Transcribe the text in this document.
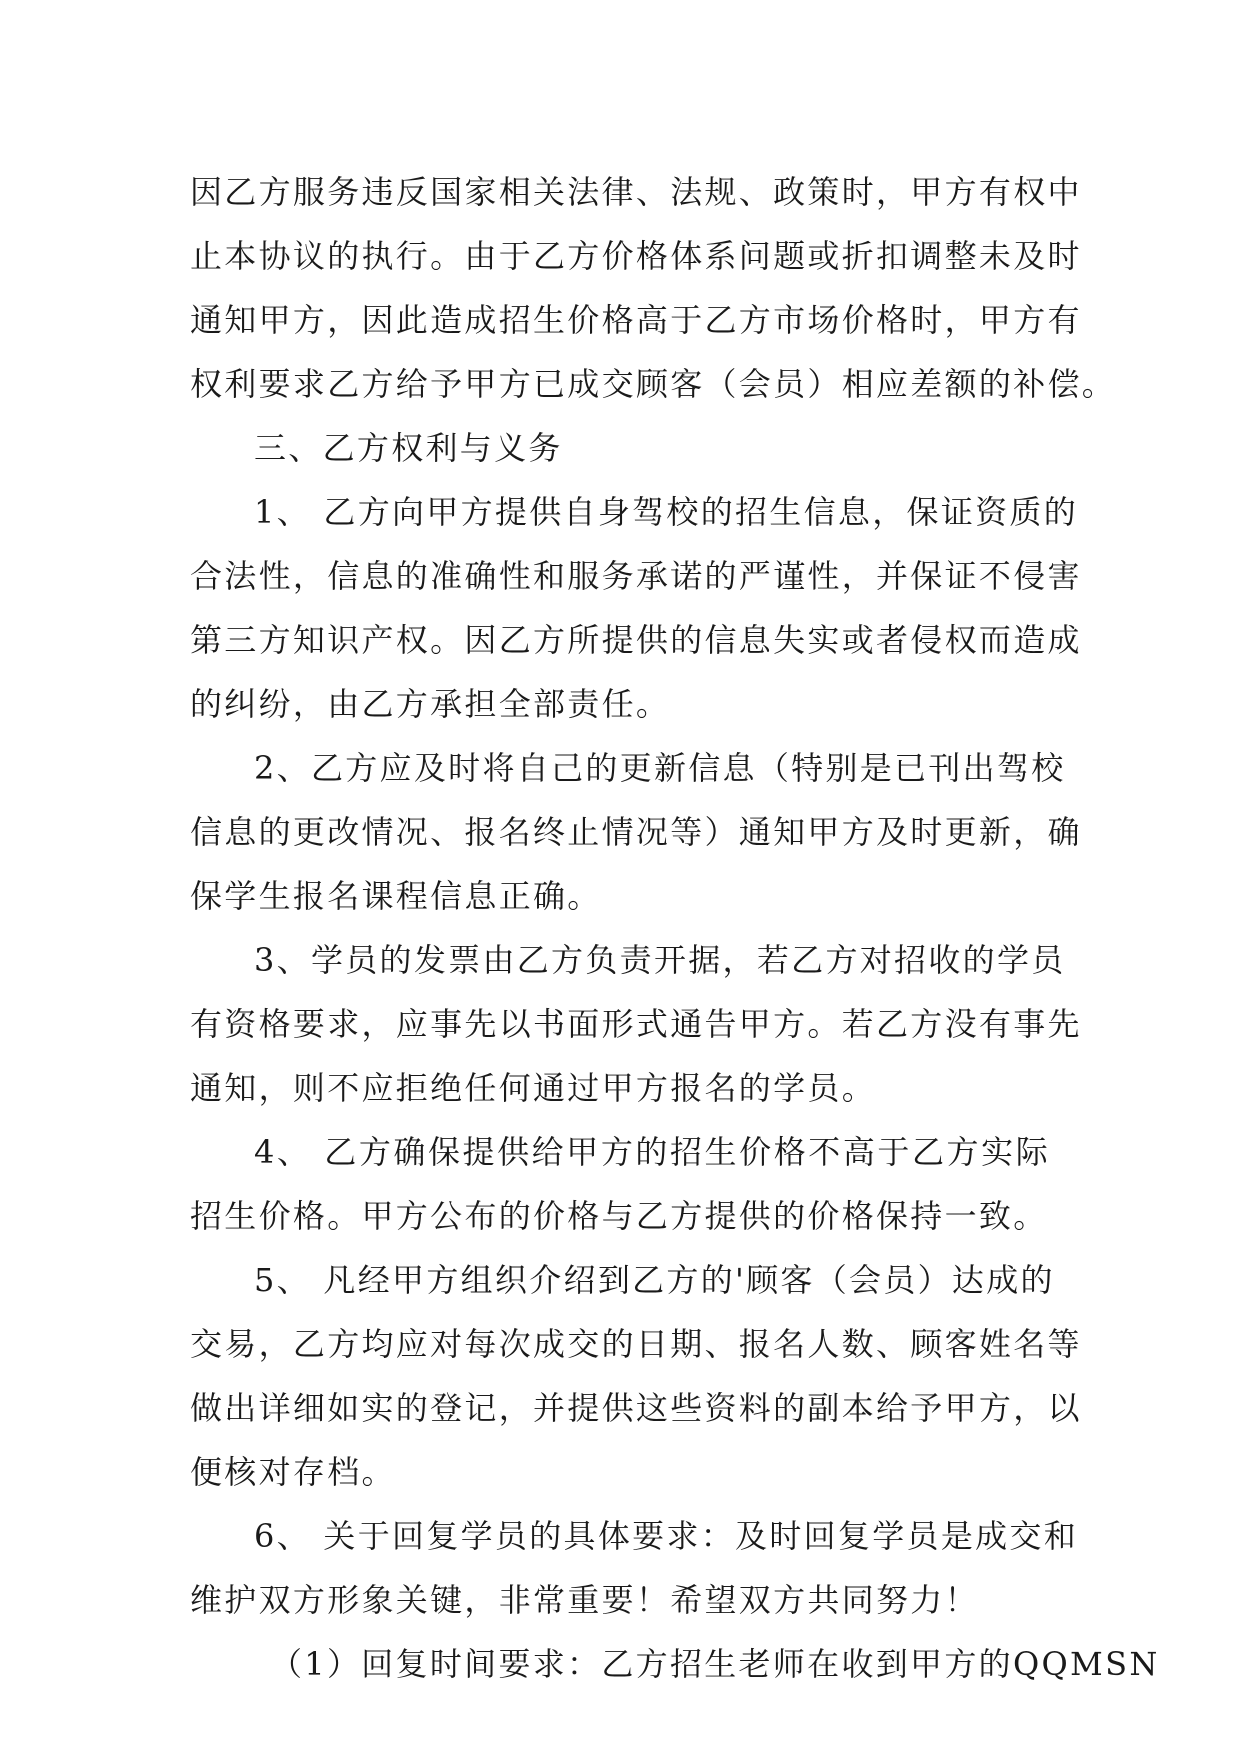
因乙方服务违反国家相关法律、法规、政策时，甲方有权中
止本协议的执行。由于乙方价格体系问题或折扣调整未及时
通知甲方，因此造成招生价格高于乙方市场价格时，甲方有
权利要求乙方给予甲方已成交顾客（会员）相应差额的补偿。
三、乙方权利与义务
1、 乙方向甲方提供自身驾校的招生信息，保证资质的
合法性，信息的准确性和服务承诺的严谨性，并保证不侵害
第三方知识产权。因乙方所提供的信息失实或者侵权而造成
的纠纷，由乙方承担全部责任。
2、乙方应及时将自己的更新信息（特别是已刊出驾校
信息的更改情况、报名终止情况等）通知甲方及时更新，确
保学生报名课程信息正确。
3、学员的发票由乙方负责开据，若乙方对招收的学员
有资格要求，应事先以书面形式通告甲方。若乙方没有事先
通知，则不应拒绝任何通过甲方报名的学员。
4、 乙方确保提供给甲方的招生价格不高于乙方实际
招生价格。甲方公布的价格与乙方提供的价格保持一致。
5、 凡经甲方组织介绍到乙方的'顾客（会员）达成的
交易，乙方均应对每次成交的日期、报名人数、顾客姓名等
做出详细如实的登记，并提供这些资料的副本给予甲方，以
便核对存档。
6、 关于回复学员的具体要求：及时回复学员是成交和
维护双方形象关键，非常重要！希望双方共同努力！
（1）回复时间要求：乙方招生老师在收到甲方的QQMSN
